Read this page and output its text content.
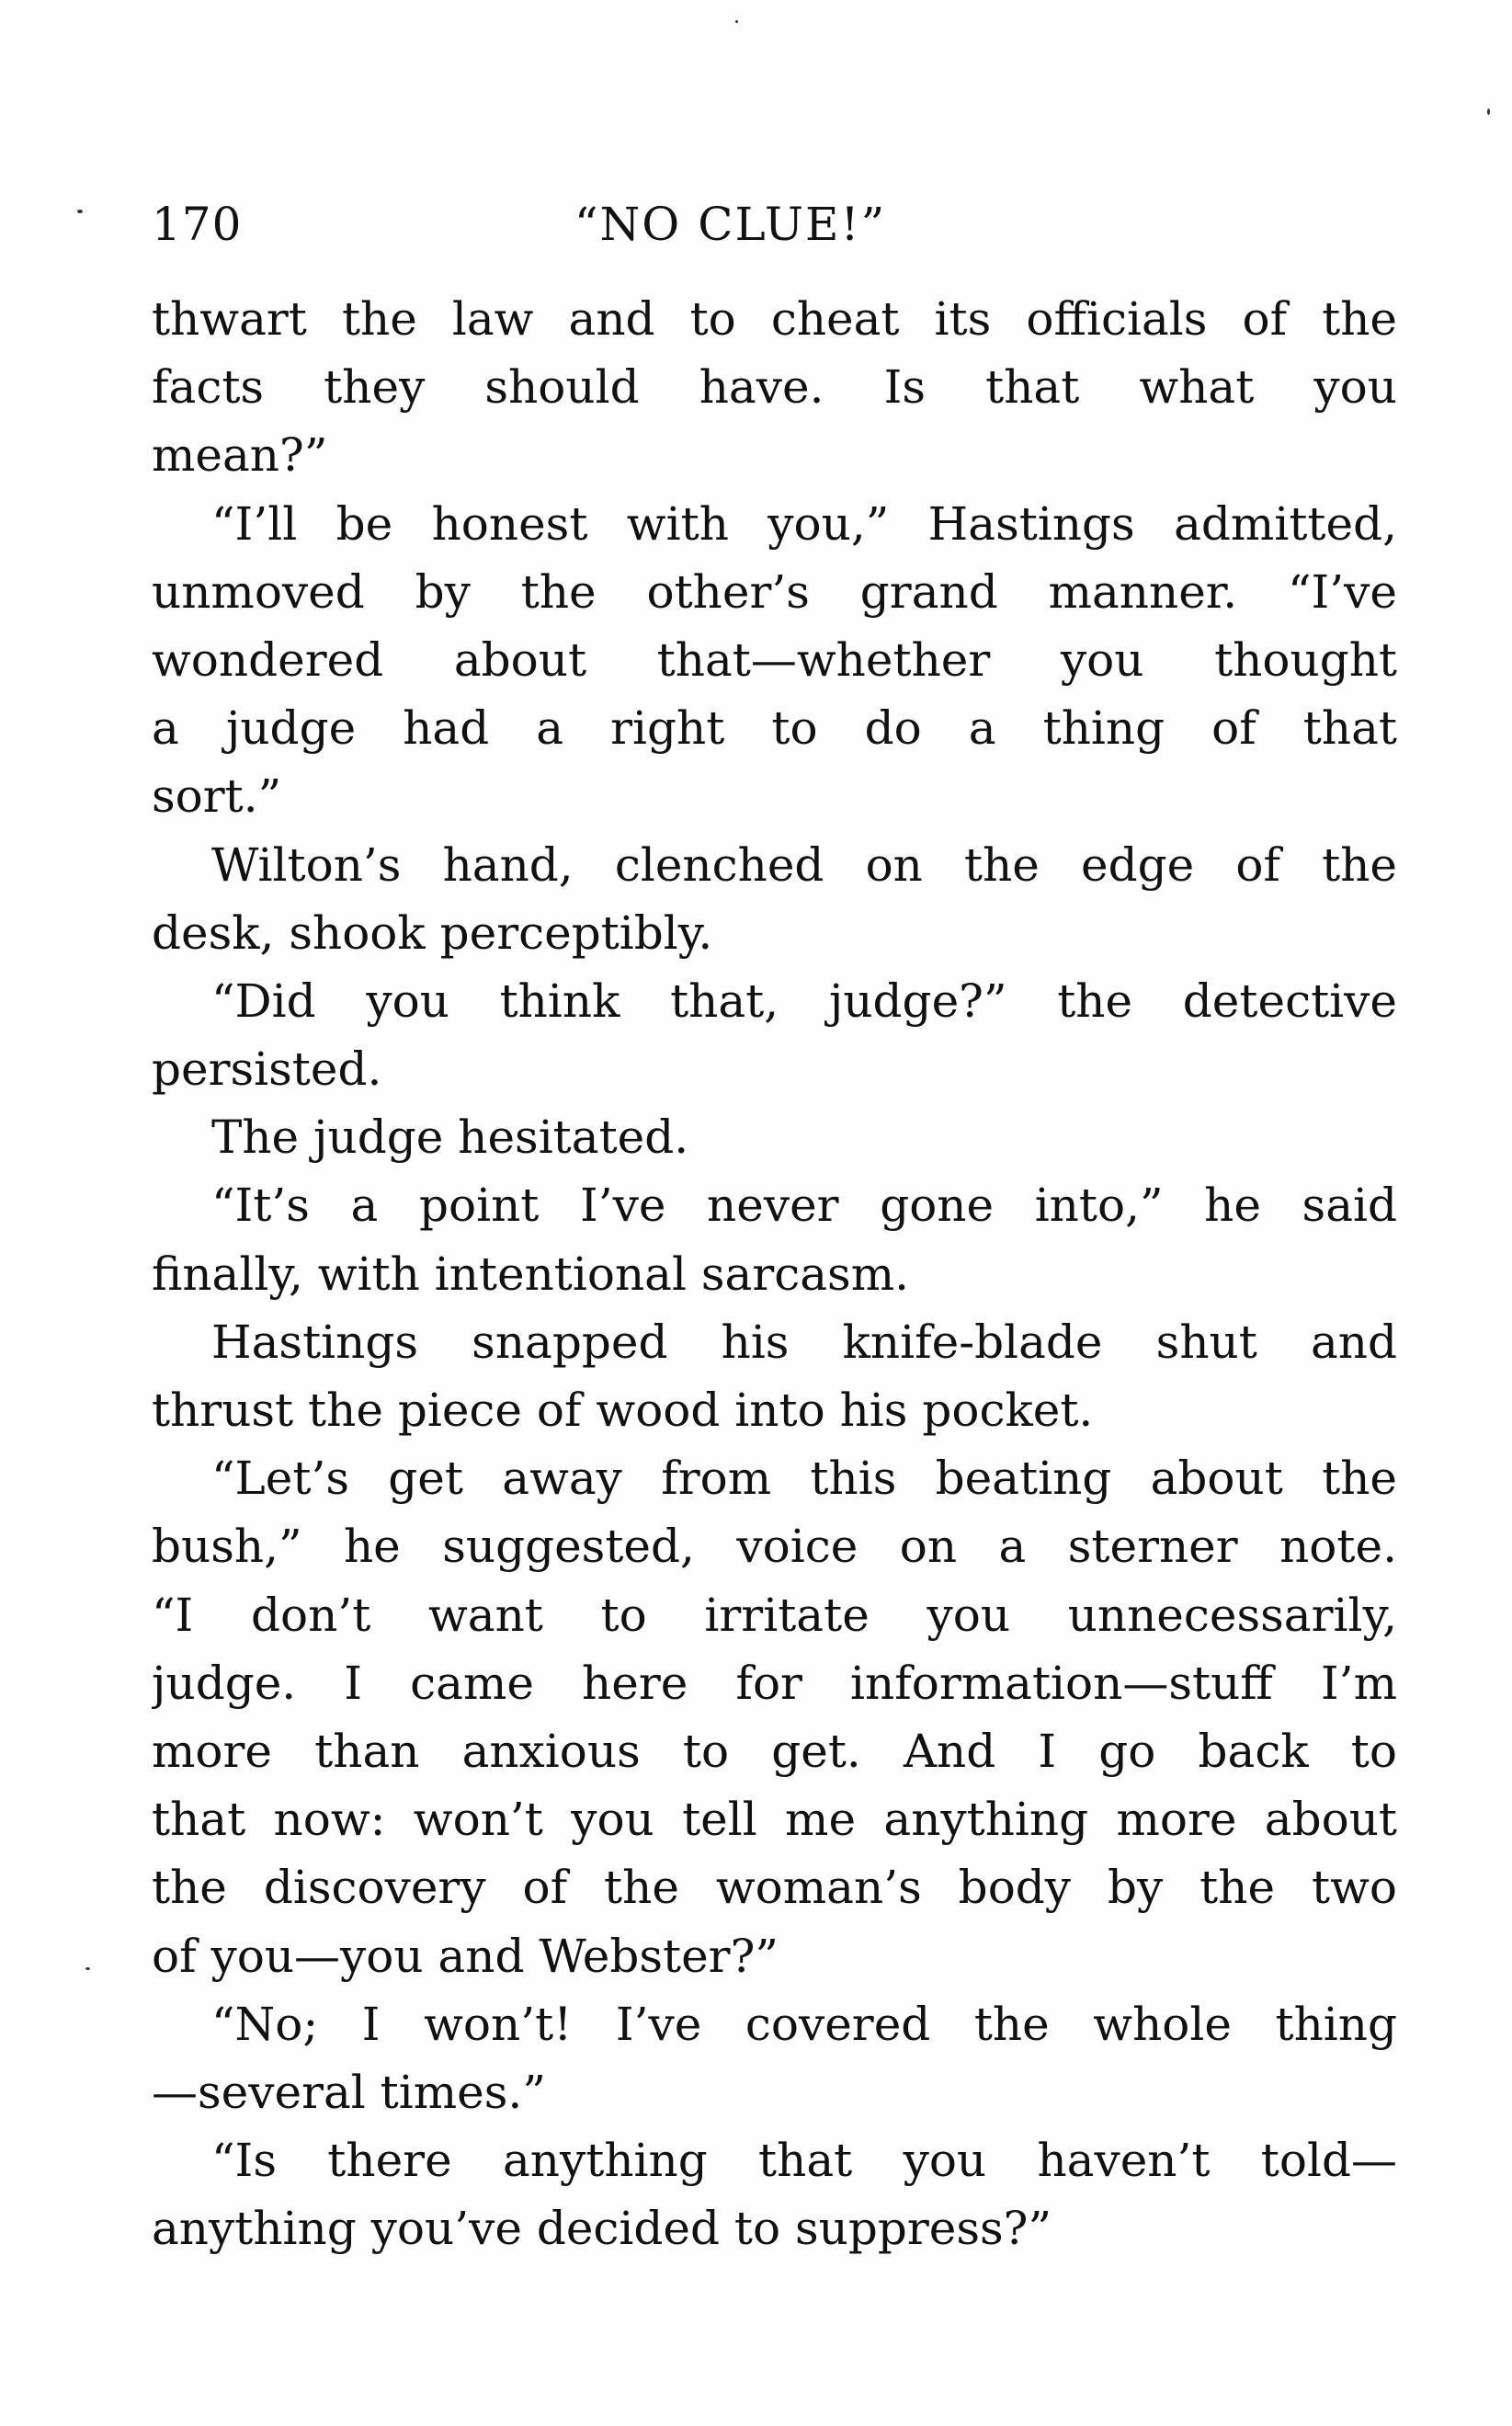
170	“NO CLUE!”
thwart the law and to cheat its officials of the
facts they should have. Is that what you
mean?”
“I’ll be honest with you,” Hastings admitted,
unmoved by the other’s grand manner. “I’ve
wondered about that—whether you thought
a judge had a right to do a thing of that
sort.”
Wilton’s hand, clenched on the edge of the
desk, shook perceptibly.
“Did you think that, judge?” the detective
persisted.
The judge hesitated.
“It’s a point I’ve never gone into,” he said
finally, with intentional sarcasm.
Hastings snapped his knife-blade shut and
thrust the piece of wood into his pocket.
“Let’s get away from this beating about the
bush,” he suggested, voice on a sterner note.
“I don’t want to irritate you unnecessarily,
judge. I came here for information—stuff I’m
more than anxious to get. And I go back to
that now: won’t you tell me anything more about
the discovery of the woman’s body by the two
of you—you and Webster?”
“No; I won’t! I’ve covered the whole thing
—several times.”
“Is there anything that you haven’t told—
anything you’ve decided to suppress?”
